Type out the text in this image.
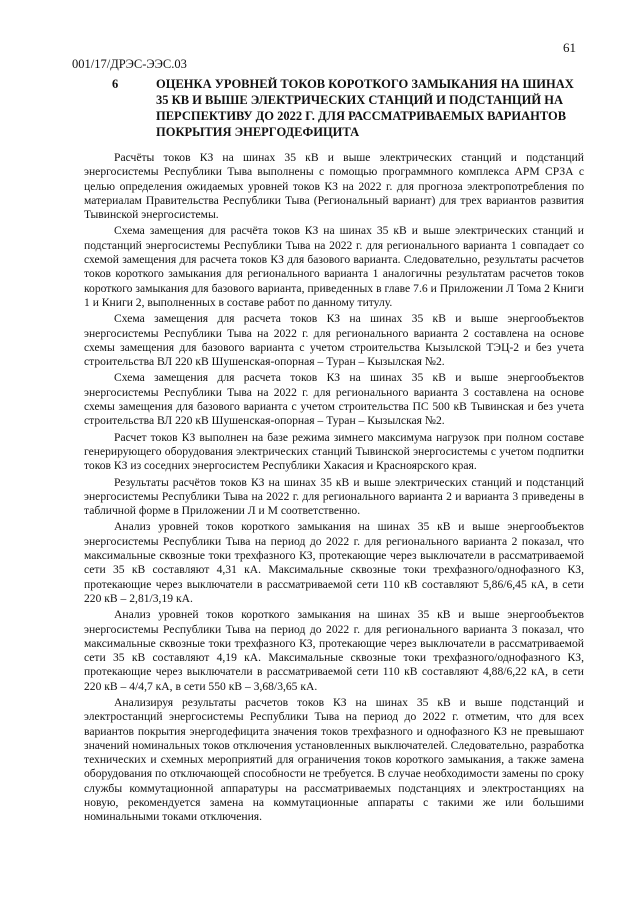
61
001/17/ДРЭС-ЭЭС.03
6	ОЦЕНКА УРОВНЕЙ ТОКОВ КОРОТКОГО ЗАМЫКАНИЯ НА ШИНАХ 35 КВ И ВЫШЕ ЭЛЕКТРИЧЕСКИХ СТАНЦИЙ И ПОДСТАНЦИЙ НА ПЕРСПЕКТИВУ ДО 2022 Г. ДЛЯ РАССМАТРИВАЕМЫХ ВАРИАНТОВ ПОКРЫТИЯ ЭНЕРГОДЕФИЦИТА

Расчёты токов КЗ на шинах 35 кВ и выше электрических станций и подстанций энергосистемы Республики Тыва выполнены с помощью программного комплекса АРМ СРЗА с целью определения ожидаемых уровней токов КЗ на 2022 г. для прогноза электропотребления по материалам Правительства Республики Тыва (Региональный вариант) для трех вариантов развития Тывинской энергосистемы.

Схема замещения для расчёта токов КЗ на шинах 35 кВ и выше электрических станций и подстанций энергосистемы Республики Тыва на 2022 г. для регионального варианта 1 совпадает со схемой замещения для расчета токов КЗ для базового варианта. Следовательно, результаты расчетов токов короткого замыкания для регионального варианта 1 аналогичны результатам расчетов токов короткого замыкания для базового варианта, приведенных в главе 7.6 и Приложении Л Тома 2 Книги 1 и Книги 2, выполненных в составе работ по данному титулу.

Схема замещения для расчета токов КЗ на шинах 35 кВ и выше энергообъектов энергосистемы Республики Тыва на 2022 г. для регионального варианта 2 составлена на основе схемы замещения для базового варианта с учетом строительства Кызылской ТЭЦ-2 и без учета строительства ВЛ 220 кВ Шушенская-опорная – Туран – Кызылская №2.

Схема замещения для расчета токов КЗ на шинах 35 кВ и выше энергообъектов энергосистемы Республики Тыва на 2022 г. для регионального варианта 3 составлена на основе схемы замещения для базового варианта с учетом строительства ПС 500 кВ Тывинская и без учета строительства ВЛ 220 кВ Шушенская-опорная – Туран – Кызылская №2.

Расчет токов КЗ выполнен на базе режима зимнего максимума нагрузок при полном составе генерирующего оборудования электрических станций Тывинской энергосистемы с учетом подпитки токов КЗ из соседних энергосистем Республики Хакасия и Красноярского края.

Результаты расчётов токов КЗ на шинах 35 кВ и выше электрических станций и подстанций энергосистемы Республики Тыва на 2022 г. для регионального варианта 2 и варианта 3 приведены в табличной форме в Приложении Л и М соответственно.

Анализ уровней токов короткого замыкания на шинах 35 кВ и выше энергообъектов энергосистемы Республики Тыва на период до 2022 г. для регионального варианта 2 показал, что максимальные сквозные токи трехфазного КЗ, протекающие через выключатели в рассматриваемой сети 35 кВ составляют 4,31 кА. Максимальные сквозные токи трехфазного/однофазного КЗ, протекающие через выключатели в рассматриваемой сети 110 кВ составляют 5,86/6,45 кА, в сети 220 кВ – 2,81/3,19 кА.

Анализ уровней токов короткого замыкания на шинах 35 кВ и выше энергообъектов энергосистемы Республики Тыва на период до 2022 г. для регионального варианта 3 показал, что максимальные сквозные токи трехфазного КЗ, протекающие через выключатели в рассматриваемой сети 35 кВ составляют 4,19 кА. Максимальные сквозные токи трехфазного/однофазного КЗ, протекающие через выключатели в рассматриваемой сети 110 кВ составляют 4,88/6,22 кА, в сети 220 кВ – 4/4,7 кА, в сети 550 кВ – 3,68/3,65 кА.

Анализируя результаты расчетов токов КЗ на шинах 35 кВ и выше подстанций и электростанций энергосистемы Республики Тыва на период до 2022 г. отметим, что для всех вариантов покрытия энергодефицита значения токов трехфазного и однофазного КЗ не превышают значений номинальных токов отключения установленных выключателей. Следовательно, разработка технических и схемных мероприятий для ограничения токов короткого замыкания, а также замена оборудования по отключающей способности не требуется. В случае необходимости замены по сроку службы коммутационной аппаратуры на рассматриваемых подстанциях и электростанциях на новую, рекомендуется замена на коммутационные аппараты с такими же или большими номинальными токами отключения.
